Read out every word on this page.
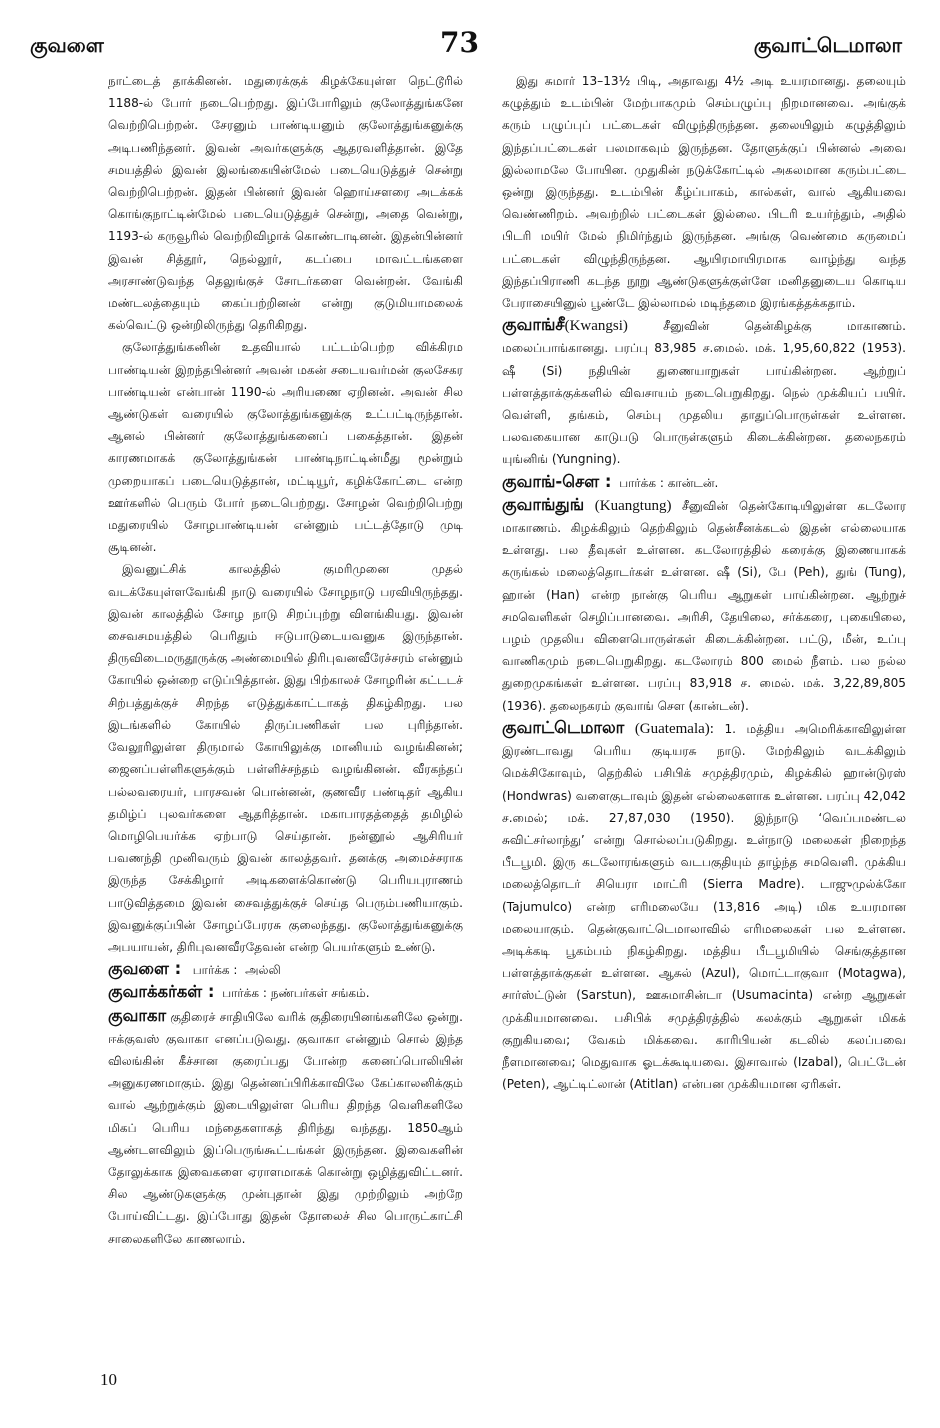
குவளை	73	குவாட்டெமாலா

நாட்டைத் தாக்கினன். மதுரைக்குக் கிழக்கேயுள்ள நெட்டூரில் 1188-ல் போர் நடைபெற்றது. இப்போரிலும் குலோத்துங்கனே வெற்றிபெற்றன். சேரனும் பாண்டியனும் குலோத்துங்கனுக்கு அடிபணிந்தனர். இவன் அவர்களுக்கு ஆதரவளித்தான். இதே சமயத்தில் இவன் இலங்கையின்மேல் படையெடுத்துச் சென்று வெற்றிபெற்றன். இதன் பின்னர் இவன் ஹொய்சளரை அடக்கக் கொங்குநாட்டின்மேல் படையெடுத்துச் சென்று, அதை வென்று, 1193-ல் கருவூரில் வெற்றிவிழாக் கொண்டாடினன். இதன்பின்னர் இவன் சித்தூர், நெல்லூர், கடப்பை மாவட்டங்களை அரசாண்டுவந்த தெலுங்குச் சோடர்களை வென்றன். வேங்கி மண்டலத்தையும் கைப்பற்றினன் என்று குடுமியாமலைக் கல்வெட்டு ஒன்றிலிருந்து தெரிகிறது.

குலோத்துங்கனின் உதவியால் பட்டம்பெற்ற விக்கிரம பாண்டியன் இறந்தபின்னர் அவன் மகன் சடையவர்மன் குலசேகர பாண்டியன் என்பான் 1190-ல் அரியணை ஏறினன். அவன் சில ஆண்டுகள் வரையில் குலோத்துங்கனுக்கு உட்பட்டிருந்தான். ஆனல் பின்னர் குலோத்துங்கனைப் பகைத்தான். இதன் காரணமாகக் குலோத்துங்கன் பாண்டிநாட்டின்மீது மூன்றும் முறையாகப் படையெடுத்தான், மட்டியூர், கழிக்கோட்டை என்ற ஊர்களில் பெரும் போர் நடைபெற்றது. சோழன் வெற்றிபெற்று மதுரையில் சோழபாண்டியன் என்னும் பட்டத்தோடு முடி சூடினன்.

இவனுட்சிக் காலத்தில் குமரிமுனை முதல் வடக்கேயுள்ளவேங்கி நாடு வரையில் சோழநாடு பரவியிருந்தது. இவன் காலத்தில் சோழ நாடு சிறப்புற்று விளங்கியது. இவன் சைவசமயத்தில் பெரிதும் ஈடுபாடுடையவனுக இருந்தான். திருவிடைமருதூருக்கு அண்மையில் திரிபுவனவீரேச்சரம் என்னும் கோயில் ஒன்றை எடுப்பித்தான். இது பிற்காலச் சோழரின் கட்டடச் சிற்பத்துக்குச் சிறந்த எடுத்துக்காட்டாகத் திகழ்கிறது. பல இடங்களில் கோயில் திருப்பணிகள் பல புரிந்தான். வேலூரிலுள்ள திருமால் கோயிலுக்கு மானியம் வழங்கினன்; ஜைனப்பள்ளிகளுக்கும் பள்ளிச்சந்தம் வழங்கினன். வீரகந்தப் பல்லவரையர், பாரசவன் பொன்னன், குணவீர பண்டிதர் ஆகிய தமிழ்ப் புலவர்களை ஆதரித்தான். மகாபாரதத்தைத் தமிழில் மொழிபெயர்க்க ஏற்பாடு செய்தான். நன்னூல் ஆசிரியர் பவணந்தி முனிவரும் இவன் காலத்தவர். தனக்கு அமைச்சராக இருந்த சேக்கிழார் அடிகளைக்கொண்டு பெரியபுராணம் பாடுவித்தமை இவன் சைவத்துக்குச் செய்த பெரும்பணியாகும். இவனுக்குப்பின் சோழப்பேரரசு குலைந்தது. குலோத்துங்கனுக்கு அபயாயன், திரிபுவனவீரதேவன் என்ற பெயர்களும் உண்டு.

குவளை : பார்க்க : அல்லி

குவாக்கர்கள் : பார்க்க : நண்பர்கள் சங்கம்.

குவாகா குதிரைச் சாதியிலே வரிக் குதிரையினங்களிலே ஒன்று. ஈக்குவஸ் குவாகா எனப்படுவது. குவாகா என்னும் சொல் இந்த விலங்கின் கீச்சான குரைப்பது போன்ற கனைப்பொலியின் அனுகரணமாகும். இது தென்னப்பிரிக்காவிலே கேப்காலனிக்கும் வால் ஆற்றுக்கும் இடையிலுள்ள பெரிய திறந்த வெளிகளிலே மிகப் பெரிய மந்தைகளாகத் திரிந்து வந்தது. 1850ஆம் ஆண்டளவிலும் இப்பெருங்கூட்டங்கள் இருந்தன. இவைகளின் தோலுக்காக இவைகளை ஏராளமாகக் கொன்று ஒழித்துவிட்டனர். சில ஆண்டுகளுக்கு முன்புதான் இது முற்றிலும் அற்றே போய்விட்டது. இப்போது இதன் தோலைச் சில பொருட்காட்சி சாலைகளிலே காணலாம்.

இது சுமார் 13–13½ பிடி, அதாவது 4½ அடி உயரமானது. தலையும் கழுத்தும் உடம்பின் மேற்பாகமும் செம்பழுப்பு நிறமானவை. அங்குக் கரும் பழுப்புப் பட்டைகள் விழுந்திருந்தன. தலையிலும் கழுத்திலும் இந்தப்பட்டைகள் பலமாகவும் இருந்தன. தோளுக்குப் பின்னல் அவை இல்லாமலே போயின. முதுகின் நடுக்கோட்டில் அகலமான கரும்பட்டை ஒன்று இருந்தது. உடம்பின் கீழ்ப்பாகம், கால்கள், வால் ஆகியவை வெண்ணிறம். அவற்றில் பட்டைகள் இல்லை. பிடரி உயர்ந்தும், அதில் பிடரி மயிர் மேல் நிமிர்ந்தும் இருந்தன. அங்கு வெண்மை கருமைப் பட்டைகள் விழுந்திருந்தன. ஆயிரமாயிரமாக வாழ்ந்து வந்த இந்தப்பிராணி கடந்த நூறு ஆண்டுகளுக்குள்ளே மனிதனுடைய கொடிய பேராசையினுல் பூண்டே இல்லாமல் மடிந்தமை இரங்கத்தக்கதாம்.

குவாங்சீ(Kwangsi)	சீனுவின் தென்கிழக்கு மாகாணம். மலைப்பாங்கானது. பரப்பு 83,985 ச.மைல். மக். 1,95,60,822 (1953). ஷீ (Si) நதியின் துணையாறுகள் பாய்கின்றன. ஆற்றுப் பள்ளத்தாக்குக்களில் விவசாயம் நடைபெறுகிறது. நெல் முக்கியப் பயிர். வெள்ளி, தங்கம், செம்பு முதலிய தாதுப்பொருள்கள் உள்ளன. பலவகையான காடுபடு பொருள்களும் கிடைக்கின்றன. தலைநகரம் யுங்னிங் (Yungning).

குவாங்-சௌ : பார்க்க : கான்டன்.

குவாங்துங் (Kuangtung) சீனுவின் தென்கோடியிலுள்ள கடலோர மாகாணம். கிழக்கிலும் தெற்கிலும் தென்சீனக்கடல் இதன் எல்லையாக உள்ளது. பல தீவுகள் உள்ளன. கடலோரத்தில் கரைக்கு இணையாகக் கருங்கல் மலைத்தொடர்கள் உள்ளன. ஷீ (Si), பே (Peh), துங் (Tung), ஹான் (Han) என்ற நான்கு பெரிய ஆறுகள் பாய்கின்றன. ஆற்றுச் சமவெளிகள் செழிப்பானவை. அரிசி, தேயிலை, சர்க்கரை, புகையிலை, பழம் முதலிய விளைபொருள்கள் கிடைக்கின்றன. பட்டு, மீன், உப்பு வாணிகமும் நடைபெறுகிறது. கடலோரம் 800 மைல் நீளம். பல நல்ல துறைமுகங்கள் உள்ளன. பரப்பு 83,918 ச. மைல். மக். 3,22,89,805 (1936). தலைநகரம் குவாங் சௌ (கான்டன்).

குவாட்டெமாலா (Guatemala): 1. மத்திய அமெரிக்காவிலுள்ள இரண்டாவது பெரிய குடியரசு நாடு. மேற்கிலும் வடக்கிலும் மெக்சிகோவும், தெற்கில் பசிபிக் சமுத்திரமும், கிழக்கில் ஹான்டுரஸ் (Hondwras) வளைகுடாவும் இதன் எல்லைகளாக உள்ளன. பரப்பு 42,042 ச.மைல்; மக். 27,87,030 (1950). இந்நாடு ‘வெப்பமண்டல சுவிட்சர்லாந்து’ என்று சொல்லப்படுகிறது. உள்நாடு மலைகள் நிறைந்த பீடபூமி. இரு கடலோரங்களும் வடபகுதியும் தாழ்ந்த சமவெளி. முக்கிய மலைத்தொடர் சியெரா மாட்ரி (Sierra Madre). டாஜுமுல்க்கோ (Tajumulco) என்ற எரிமலையே (13,816 அடி) மிக உயரமான மலையாகும். தென்குவாட்டெமாலாவில் எரிமலைகள் பல உள்ளன. அடிக்கடி பூகம்பம் நிகழ்கிறது. மத்திய பீடபூமியில் செங்குத்தான பள்ளத்தாக்குகள் உள்ளன. ஆசுல் (Azul), மொட்டாகுவா (Motagwa), சார்ஸ்ட்டுன் (Sarstun), ஊசுமாசின்டா (Usumacinta) என்ற ஆறுகள் முக்கியமானவை. பசிபிக் சமுத்திரத்தில் கலக்கும் ஆறுகள் மிகக் குறுகியவை; வேகம் மிக்கவை. காரிபியன் கடலில் கலப்பவை நீளமானவை; மெதுவாக ஓடக்கூடியவை. இசாவால் (Izabal), பெட்டேன் (Peten), ஆட்டிட்லான் (Atitlan) என்பன முக்கியமான ஏரிகள்.

10
